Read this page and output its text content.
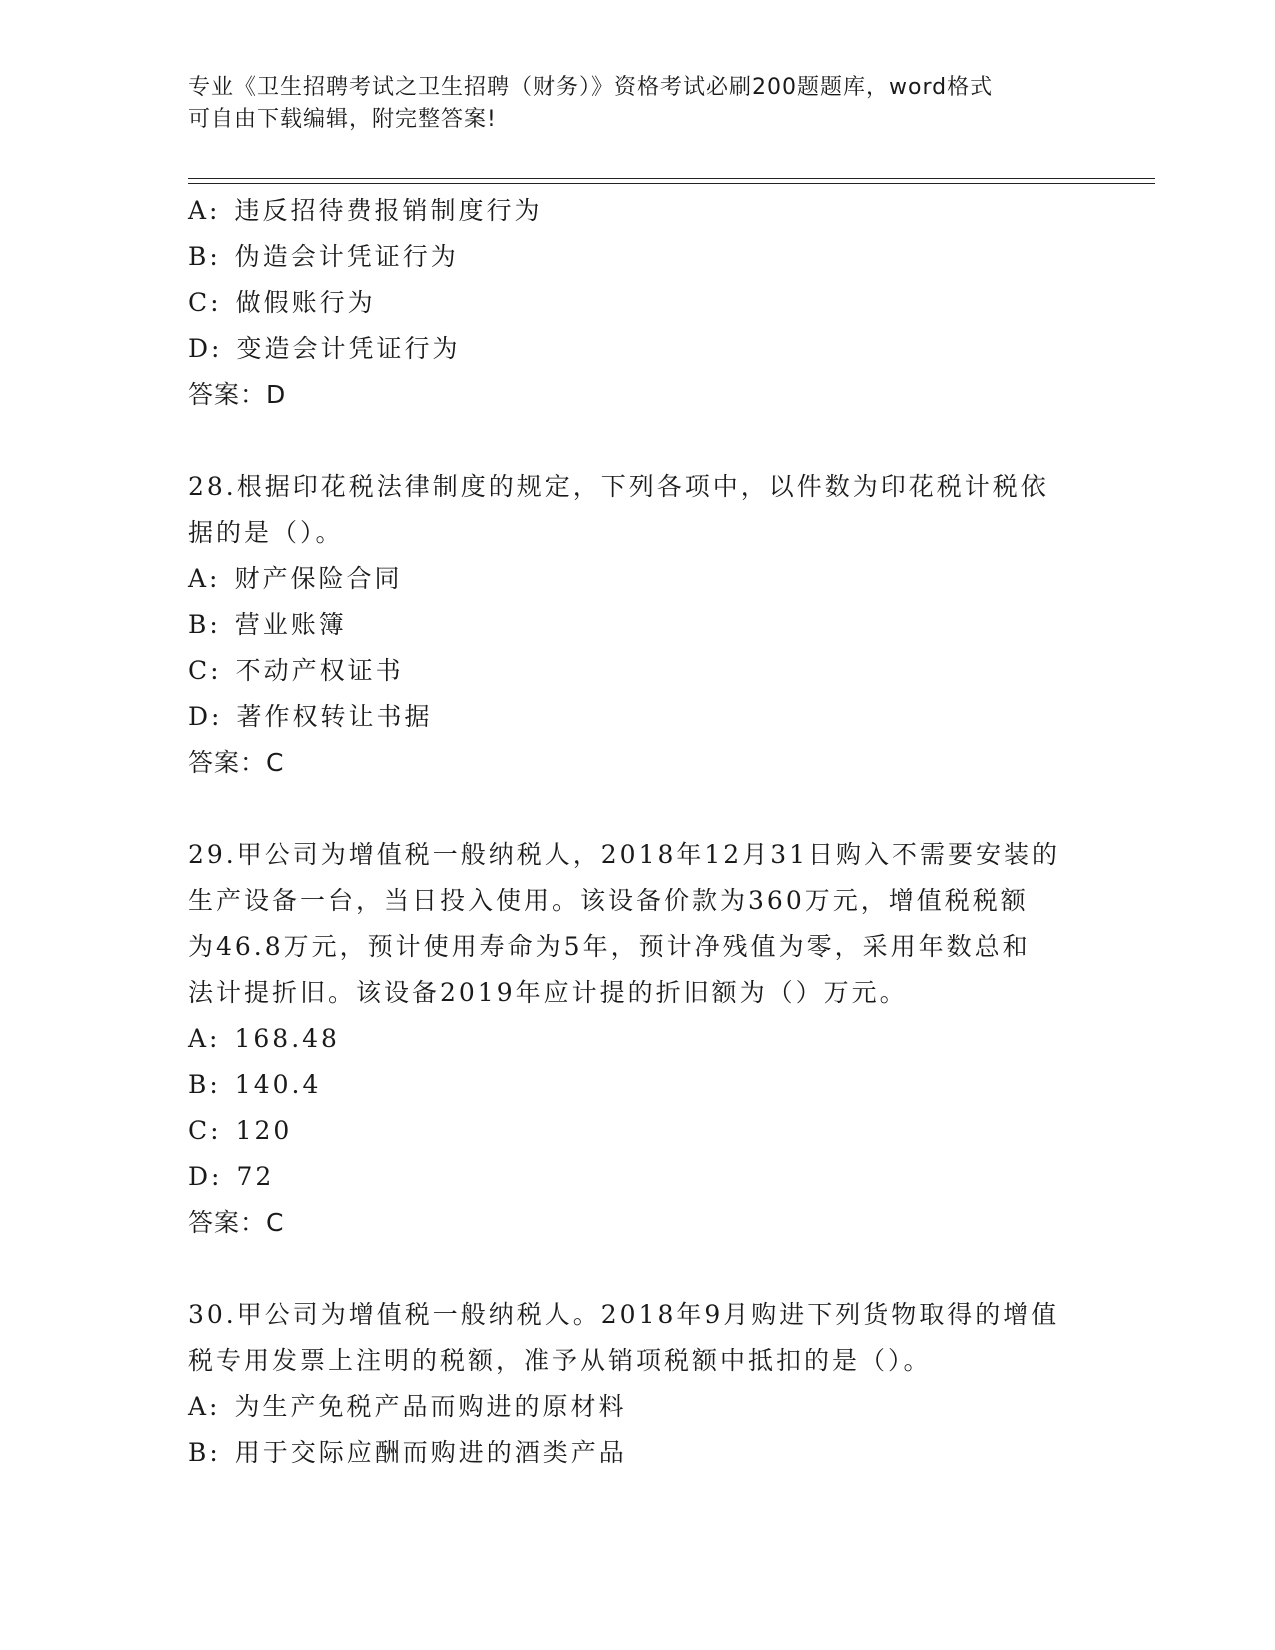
专业《卫生招聘考试之卫生招聘（财务）》资格考试必刷200题题库，word格式
可自由下载编辑，附完整答案!
A: 违反招待费报销制度行为
B: 伪造会计凭证行为
C: 做假账行为
D: 变造会计凭证行为
答案：D
28.根据印花税法律制度的规定，下列各项中，以件数为印花税计税依
据的是（）。
A: 财产保险合同
B: 营业账簿
C: 不动产权证书
D: 著作权转让书据
答案：C
29.甲公司为增值税一般纳税人，2018年12月31日购入不需要安装的
生产设备一台，当日投入使用。该设备价款为360万元，增值税税额
为46.8万元，预计使用寿命为5年，预计净残值为零，采用年数总和
法计提折旧。该设备2019年应计提的折旧额为（）万元。
A: 168.48
B: 140.4
C: 120
D: 72
答案：C
30.甲公司为增值税一般纳税人。2018年9月购进下列货物取得的增值
税专用发票上注明的税额，准予从销项税额中抵扣的是（）。
A: 为生产免税产品而购进的原材料
B: 用于交际应酬而购进的酒类产品
